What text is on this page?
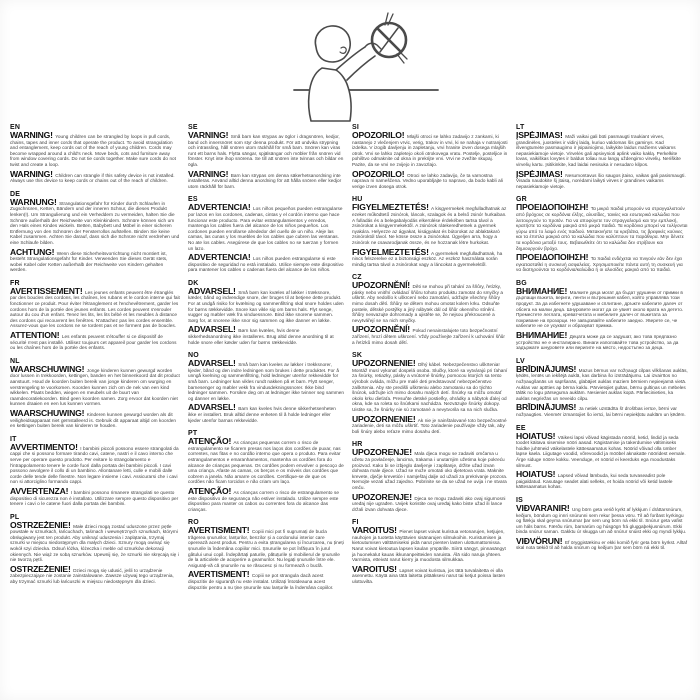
EN

WARNING! Young children can be strangled by loops in pull cords, chains, tapes and inner cords that operate the product. To avoid strangulation and entanglement, keep cords out of the reach of young children. Cords may become wrapped around a child's neck. Move beds, cots and furniture away from window covering cords. Do not tie cords together. Make sure cords do not twist and create a loop.

WARNING! Children can strangle if this safety device is not installed. Always use this device to keep cords or chains out of the reach of children.

DE

WARNUNG! Strangulationsgefahr für Kinder durch Schlaufen in Zugschnüren, Ketten, Bändern und der inneren Schnur, die dieses Produkt lenken(!). Um Strangulierung und ein Verheddern zu vermeiden, halten Sie die Schnüre außerhalb der Reichweite von Kleinkindern. Schnüre können sich um den Hals eines Kindes wickeln. Betten, Babybett und Möbel in einer sicheren Entfernung von den Schnüren der Fensterrollos aufstellen. Binden Sie keine Kabel zusammen. Achten Sie darauf, dass sich die Schnüre nicht verdrehen und eine Schlaufe bilden.

ACHTUNG! Wenn diese Sicherheitsvorrichtung nicht montiert ist, besteht Strangulationsgefahr für Kinder. Verwenden Sie dieses Gerät stets, wobei Kabel oder Ketten außerhalb der Reichweite von Kindern gehalten werden.

FR

AVERTISSEMENT! Les jeunes enfants peuvent être étranglés par des boucles des cordons, les chaînes, les rubans et le cordon interne qui fait fonctionner ce produit. Pour éviter l'étranglement et l'enchevêtrement, garder les cordons hors de la portée des jeunes enfants. Les cordes peuvent s'enrouler autour du cou d'un enfant. Tenez les lits, les lits bébé et les meubles à distance des cordons qui recouvrent les fenêtres. N'attachez pas les cordes ensemble. Assurez-vous que les cordons ne se tordent pas et ne forment pas de boucles.

ATTENTION! Les enfants peuvent s'étouffer si ce dispositif de sécurité n'est pas installé. Utilisez toujours cet appareil pour garder les cordons ou les chaînes hors de la portée des enfants.

NL

WAARSCHUWING! Jonge kinderen kunnen gewurgd worden door lussen in trekkoorden, kettingen, banden en het binnenkoord dat dit product aanstuurt. Houd de koorden buiten bereik van jonge kinderen om wurging en verstrengeling te voorkomen. Koorden kunnen zich om de nek van een kind wikkelen. Plaats bedden, wiegen en meubels uit de buurt van raamdecoratiekoorden. Bind geen koorden samen. Zorg ervoor dat koorden niet kunnen draaien en een lus kunnen vormen.

WAARSCHUWING! Kinderen kunnen gewurgd worden als dit veiligheidsapparaat niet geïnstalleerd is. Gebruik dit apparaat altijd om koorden en kettingen buiten bereik van kinderen te houden.

IT

AVVERTIMENTO! I bambini piccoli possono essere strangolati da cappi che si possono formare tirando cavi, catene, nastri e il cavo interno che serve per operare questo prodotto. Per evitare lo strangolamento e l'intrappolamento tenere le corde fuori dalla portata dei bambini piccoli. I cavi possono avvolgere il collo di un bambino. Allontanare letti, culle e mobili dalle corde delle tende delle finestre. Non legare insieme i cavi. Assicurarsi che i cavi non si attorciglino formando cappi.

AVVERTENZA! I bambini possono rimanere strangolati se questo dispositivo di sicurezza non è installato. Utilizzare sempre questo dispositivo per tenere i cavi o le catene fuori dalla portata dei bambini.

PL

OSTRZEŻENIE! Małe dzieci mogą zostać uduszone przez pętle powstałe w sznurkach, łańcuchach, taśmach i wewnętrznych sznurkach, którymi obsługiwany jest ten produkt. Aby uniknąć uduszenia i zaplątania, trzymaj sznurki w miejscu niedostępnym dla małych dzieci. Sznury mogą owinąć się wokół szyi dziecka. Odsuń łóżka, łóżeczka i meble od sznurków dekoracji okiennych. Nie wiąż ze sobą sznurków. Upewnij się, że sznurki nie skręcają się i nie tworzą pętli.

OSTRZEŻENIE! Dzieci mogą się udusić, jeśli to urządzenie zabezpieczające nie zostanie zainstalowane. Zawsze używaj tego urządzenia, aby trzymać sznurki lub łańcuszki w miejscu niedostępnym dla dzieci.

SE

VARNING! Små barn kan strypas av öglor i dragsnören, kedjor, band och innersnöret som styr denna produkt. För att undvika strypning och intrassling, håll snören utom räckhåll för små barn. Snören kan viras runt ett barns hals. Flytta sängar, spjälsängar och möbler från snören vid fönster. Knyt inte ihop snörena. Se till att snören inte tvinnas och bildar en ögla.

VARNING! Barn kan strypas om denna säkerhetsanordning inte installeras. Använd alltid denna anordning för att hålla snören eller kedjor utom räckhåll för barn.

ES

ADVERTENCIA! Los niños pequeños pueden estrangularse por lazos en los cordones, cadenas, cintas y el cordón interno que hace funcionar este producto. Para evitar estrangulamientos y enredos, mantenga los cables fuera del alcance de los niños pequeños. Los cordones pueden enrollarse alrededor del cuello de un niño. Aleje las camas, las cunas y los muebles de los cables que cubren las ventanas. No ate los cables. Asegúrese de que los cables no se tuerzan y formen un lazo.

ADVERTENCIA! Los niños pueden estrangularse si este dispositivo de seguridad no está instalado. Utilice siempre este dispositivo para mantener los cables o cadenas fuera del alcance de los niños.

DK

ADVARSEL! Små børn kan kvæles af løkker i træksnore, kæder, bånd og indvendige snore, der bruges til at betjene dette produkt. For at undgå risiko for kvælning og sammenfiltring skal snore holdes uden for børns rækkevidde. Snore kan vikle sig om barns hals. Flyt senge, vugger og møbler væk fra vinduessnore. Bind ikke snorene sammen. Sørg for, at snorene ikke snor sig sammen og ikke danner en løkke.

ADVARSEL! Børn kan kvæles, hvis denne sikkerhedsanordning ikke installeres. Brug altid denne anordning til at holde snore eller kæder uden for børns rækkevidde.

NO

ADVARSEL! Små barn kan kveles av løkker i trekksnorer, kjeder, bånd og den indre ledningen som brukes i dette produktet. For å unngå kvelning og sammenfiltring, hold ledninger utenfor rekkevidde for små barn. Ledninger kan vikles rundt nakken på et barn. Flytt senger, barnesenger og møbler vekk fra vindusdekningssnorer. Ikke bind ledninger sammen. Forsikre deg om at ledninger ikke tvinner seg sammen og danner en løkke.

ADVARSEL! Barn kan kveles hvis denne sikkerhetsenheten ikke er installert. Bruk alltid denne enheten til å holde ledninger eller kjeder utenfor barnas rekkevidde.

PT

ATENÇÃO! As crianças pequenas correm o risco de estrangulamento se ficarem presas nos laços dos cordões de puxar, nas correntes, nas fitas e no cordão interno que opera o produto. Para evitar estrangulamentos e emaranhamentos, mantenha os cordões fora do alcance de crianças pequenas. Os cordões podem envolver o pescoço de uma criança. Afaste as camas, os berços e os móveis dos cordões que cobrem a janela. Não amarre os cordões. Certifique-se de que os cordões não ficam torcidos e não criam um laço.

ATENÇÃO! As crianças correm o risco de estrangulamento se este dispositivo de segurança não estiver instalado. Utilize sempre este dispositivo para manter os cabos ou correntes fora do alcance das crianças.

RO

AVERTISMENT! Copiii mici pot fi sugrumați de bucla trăgerea șnururilor, lanțurilor, benzilor și a cordonului interior care operează acest produs. Pentru a evita ștrangularea și încurcarea, nu țineți șnururile la îndemâna copiilor mici. Șnururile se pot înfășura în jurul gâtului unui copil. Îndepărtați paturile, pătuțurile și mobilierul de șnururile de la articolele de acoperire a geamurilor. Nu legați șnururile între ele. Asigurați-vă că șnururile nu se răsucesc și nu formează o buclă.

AVERTISMENT! Copiii se pot strangula dacă acest dispozitiv de siguranță nu este instalat. Utilizați întotdeauna acest dispozitiv pentru a nu ține șnururile sau lanțurile la îndemâna copiilor.

SI

OPOZORILO! Mlajši otroci se lahko zadavijo z zankami, ki nastanejo z vlečenjem vrvic, verig, trakov in vrvi, ki se nahaja v notranjosti izdelka. V izogib davljenju in zapletanju, vrvi hranite izven dosega mlajših otrok. Vrvi se lahko zapletejo okoli otrokovega vratu. Postelje, posteljice in pohištvo odmaknite od okna in prekrijte vrvi. Vrvi ne zvežite skupaj. Pazite, da se vrvi ne zvijejo in zavozlajo.

OPOZORILO! Otroci se lahko zadavijo, če ta varnostna naprava ni nameščena. Vedno uporabljajte to napravo, da bodo kabli ali verige izven dosega otrok.

HU

FIGYELMEZTETÉS! A kisgyermekek megfulladhatnak az ezeket működtető zsinórok, láncok, szalagok és a belső zsinór hurkaiban. A fulladás és a belegabalyodás elkerülése érdekében tartsa távol a zsinórokat a kisgyermekektől. A zsinórok rátekeredhetnek a gyermek nyakára. Helyezze az ágyakat, kiságyakat és bútorokat az ablaktakaró zsinóroktól távol. Ne kösse össze a zsinórokat. Ügyeljen arra, hogy a zsinórok ne csavarodjanak össze, és ne hozzanak létre hurkokat.

FIGYELMEZTETÉS! A gyermekek megfulladhatnak, ha nincs felszerelve ez a biztonsági eszköz. Az eszköz használata során mindig tartsa távol a zsinórokat vagy a láncokat a gyermekektől.

CZ

UPOZORNĚNÍ! Děti se mohou při tahání za šňůry, řetízky, pásky nebo vnitřní ovládací šňůru tohoto produktu zamotat do smyčky a uškrtit. Aby nedošlo k uškrcení nebo zamotání, udržujte všechny šňůry mimo dosah dětí. Šňůry se dětem mohou omotat kolem krku. Odsuňte postele, dětské postýlky a jiný nábytek dál od šňůr okenního stínění. Šňůry nesvazujte dohromady a ujistěte se, že nejsou překroucené a nevytvářejí se na nich smyčky.

UPOZORNĚNÍ! Pokud nenainstalujete toto bezpečnostní zařízení, hrozí dětem uškrcení. Vždy používejte zařízení k uchování šňůr a řetízků mimo dosah dětí.

SK

UPOZORNENIE! Dlhý kábel. Nebezpečenstvo uškrtenia! Montáž musí vykonať dospelá osoba. Slučky, ktoré sa vytvárajú pri ťahaní za šnúrky, retiazky, pásky a vnútorné šnúrky, pomocou ktorých sa tento výrobok ovláda, môžu pre malé deti predstavovať nebezpečenstvo zaškrtenia. Aby ste predišli uškrteniu alebo zamotaniu sa do týchto šnúrok, udržujte ich mimo dosahu malých detí. Šnúrky sa môžu omotať okolo krku dieťaťa. Presuňte detské postieľky, ohrádky a nábytok ďalej od okna, kde sa roleta so šnúrkami nachádza. Nezväzujte šnúrky dokopy. Uistite sa, že šnúrky nie sú zamotané a nevytvorila sa na nich slučka.

UPOZORNENIE! Ak nie je nainštalované toto bezpečnostné zariadenie, deti sa môžu uškrtiť. Toto zariadenie používajte vždy tak, aby boli šnúry alebo reťaze mimo dosahu detí.

HR

UPOZORENJE! Mala djeca mogu se zadaviti omčama u užetu za povlačenje, lancima, trakama i unutarnjim užetima koje pokreću proizvod. Kako bi se izbjeglo davljenje i zaplitanje, držite užad izvan dohvata male djece. Užad se može omotati oko djetetova vrata. Maknite krevete, dječje krevetiće i namještaj dalje od užadi za prekrivanje prozora. Nemojte vezati užad zajedno. Pobrinite se da se užad ne uvija i ne stvara omču.

UPOZORENJE! Djeca se mogu zadaviti ako ovaj sigurnosni uređaj nije ugrađen. Uvijek koristite ovaj uređaj kako biste užad ili lance držali izvan dohvata djece.

FI

VAROITUS! Pienet lapset voivat kuristua vetonarujen, ketjujen, nauhojen ja tuotetta käyttävien sisänarujen silmukoihin. Kuristumisen ja kietoutumisen välttämiseksi pidä narut pienten lasten ulottumattomissa. Narut voivat kietoutua lapsen kaulan ympärille. Siirrä sängyt, pinnasängyt ja huonekalut kauas ikkunanpeitteiden naruista. Älä sido naruja yhteen. Varmista, etteivät narut kierry ja muodosta silmukkaa.

VAROITUS! Lapset voivat kuristua, jos tätä turvalaitetta ei olla asennettu. Käytä aina tätä laitetta pitääksesi narut tai ketjut poissa lasten ulottuvilta.

LT

ĮSPĖJIMAS! Maži vaikai gali būti pasmaugti traukiant virves, grandinėles, juosteles ir vidinį laidą, kuriuo valdomas šis gaminys. Kad išvengtumėte pasmaugimo ir įsipainiojimo, laikykite laidus mažiems vaikams nepasiekiamoje vietoje. Virvelės gali apsivynioti aplink vaiko kaklą. Perkelkite lovas, vaikiškas lovytes ir baldus toliau nuo langų uždengimo virvelių. Neriškite virvelių kartu. Įsitikinkite, kad laidai nesisuka ir nesudaro kilpos.

ĮSPĖJIMAS! Nesumontavus šio saugos įtaiso, vaikas gali pasismaugti. Visada naudokite šį įtaisą, norėdami laikyti virves ir grandines vaikams nepasiekiamoje vietoje.

GR

ΠΡΟΕΙΔΟΠΟΙΗΣΗ! Τα μικρά παιδιά μπορούν να στραγγαλιστούν από βρόχους σε κορδόνια έλξης, αλυσίδες, ταινίες και εσωτερικά καλώδια που λειτουργούν το προϊόν. Για να αποφύγετε τον στραγγαλισμό και την εμπλοκή, κρατήστε τα κορδόνια μακριά από μικρά παιδιά. Τα κορδόνια μπορεί να τυλίγονται γύρω από το λαιμό ενός παιδιού. Μετακινήστε τα κρεβάτια, τις βρεφικές κούνιες και τα έπιπλα μακριά από τα καλώδια που καλύπτουν τα παράθυρα. Μην δένετε τα κορδόνια μεταξύ τους. Βεβαιωθείτε ότι τα καλώδια δεν στρίβουν και δημιουργούν βρόχο.

ΠΡΟΕΙΔΟΠΟΙΗΣΗ! Τα παιδιά ενδέχεται να πνιγούν εάν δεν έχει εγκατασταθεί η συσκευή ασφαλείας. Χρησιμοποιείτε πάντα αυτή τη συσκευή για να διατηρούνται τα κορδόνια/καλώδια ή οι αλυσίδες μακριά από τα παιδιά.

BG

ВНИМАНИЕ! Малките деца могат да бъдат удушени от примки в дърпащи въжета, вериги, ленти и вътрешния кабел, който управлява този продукт. За да избегнете удушаване и сплитане, дръжте кабелите далеч от обсега на малки деца. Шнуровете могат да се увият около врата на детето. Преместете леглата, креватчетата и мебелите далеч от въжетата за покриване на прозорци. Не завързвайте кабелите заедно. Уверете се, че кабелите не се усукват и образуват примка.

ВНИМАНИЕ! Децата може да се задушат, ако това предпазно устройство не е инсталирано. Винаги използвайте това устройство, за да задържате шнуровете или веригите на място, недостъпно за деца.

LV

BRĪDINĀJUMS! Mazus bērnus var nožņaugt cilpas vilkšanas auklās, ķēdēs, lentēs un iekšējā auklā, kas darbina šo izstrādājumu. Lai izvairītos no nožņaugšanās un sapīšanās, glabājiet auklas maziem bērniem nepieejamā vietā. Auklas var aptīties ap bērna kaklu. Pārvietojiet gultas, bērnu gultiņas un mēbeles tālāk no logu pārseguma auklām. Nesieniet auklas kopā. Pārliecinieties, ka auklas negriežas un neveido cilpu.

BRĪDINĀJUMS! Ja netiek uzstādīta šī drošības ierīce, bērni var nožņaugties. Vienmēr izmantojiet šo ierīci, lai bērni nepiekļūtu auklām un ķēdēm.

EE

HOIATUS! Väikesi lapsi võivad kägistada nöörid, ketid, lindid ja seda toodet käitava sisemise nööri aasad. Kägistamise ja takerdumise vältimiseks hoidke juhtmeid väikelastele kättesaamatus kohas. Nöörid võivad olla ümber lapse kaela. Liigutage voodid, võrevoodid ja mööbel aknakatte nööridest eemale. Ärge siduge nööre kokku. Veenduge, et nöörid ei keerduks ega moodustaks silmust.

HOIATUS! Lapsed võivad lämbuda, kui seda turvaseadist pole paigaldatud. Kasutage seadet alati selleks, et hoida nöörid või ketid lastele kättesaamatus kohas.

IS

VIÐVARANIR! Ung börn geta verið kyrkt af lykkjum í dráttarsnúrum, keðjum, böndum og innri snúrunni sem rekur þessa vöru. Til að forðast kyrkingu og flækju skal geyma snúrurnar þar sem ung börn ná ekki til. Snúrur geta vafist um háls barns. Færðu rúm, barnarúm og húsgögn frá gluggaþekjusnúrum. Ekki binda snúrur saman. Gakktu úr skugga um að snúrur snúist ekki og myndi lykkju.

VIÐVÖRUN! Ef öryggistækinu er ekki komið fyrir geta börn kyrkst. Alltaf skal nota tækið til að halda snúrum og keðjum þar sem börn ná ekki til.
